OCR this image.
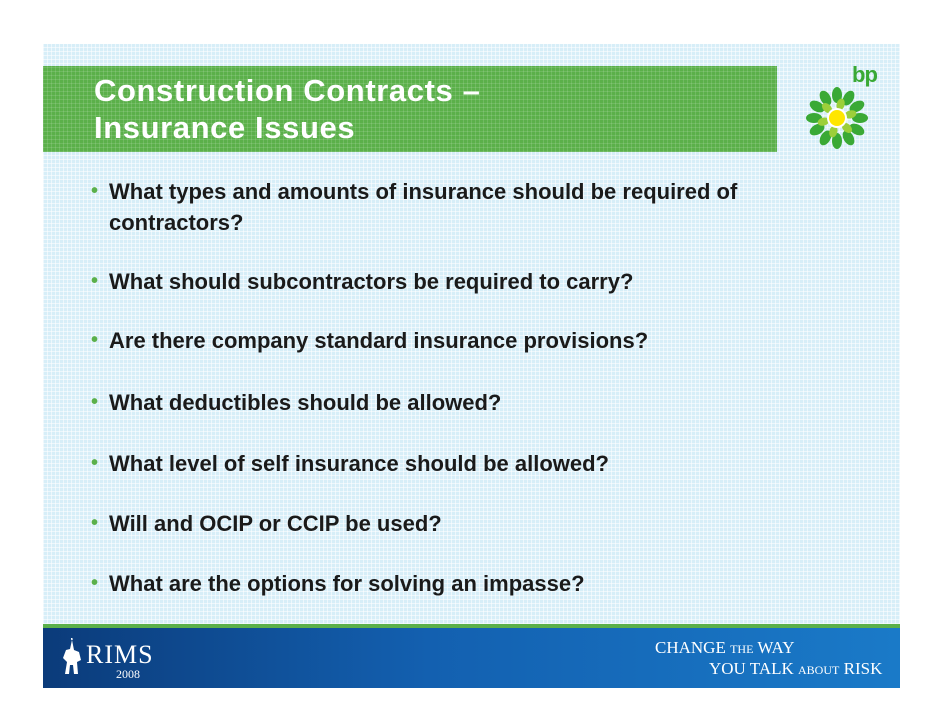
Construction Contracts –
Insurance Issues
bp
• What types and amounts of insurance should be required of contractors?
• What should subcontractors be required to carry?
• Are there company standard insurance provisions?
• What deductibles should be allowed?
• What level of self insurance should be allowed?
• Will and OCIP or CCIP be used?
• What are the options for solving an impasse?
RIMS
2008
CHANGE THE WAY
YOU TALK ABOUT RISK
